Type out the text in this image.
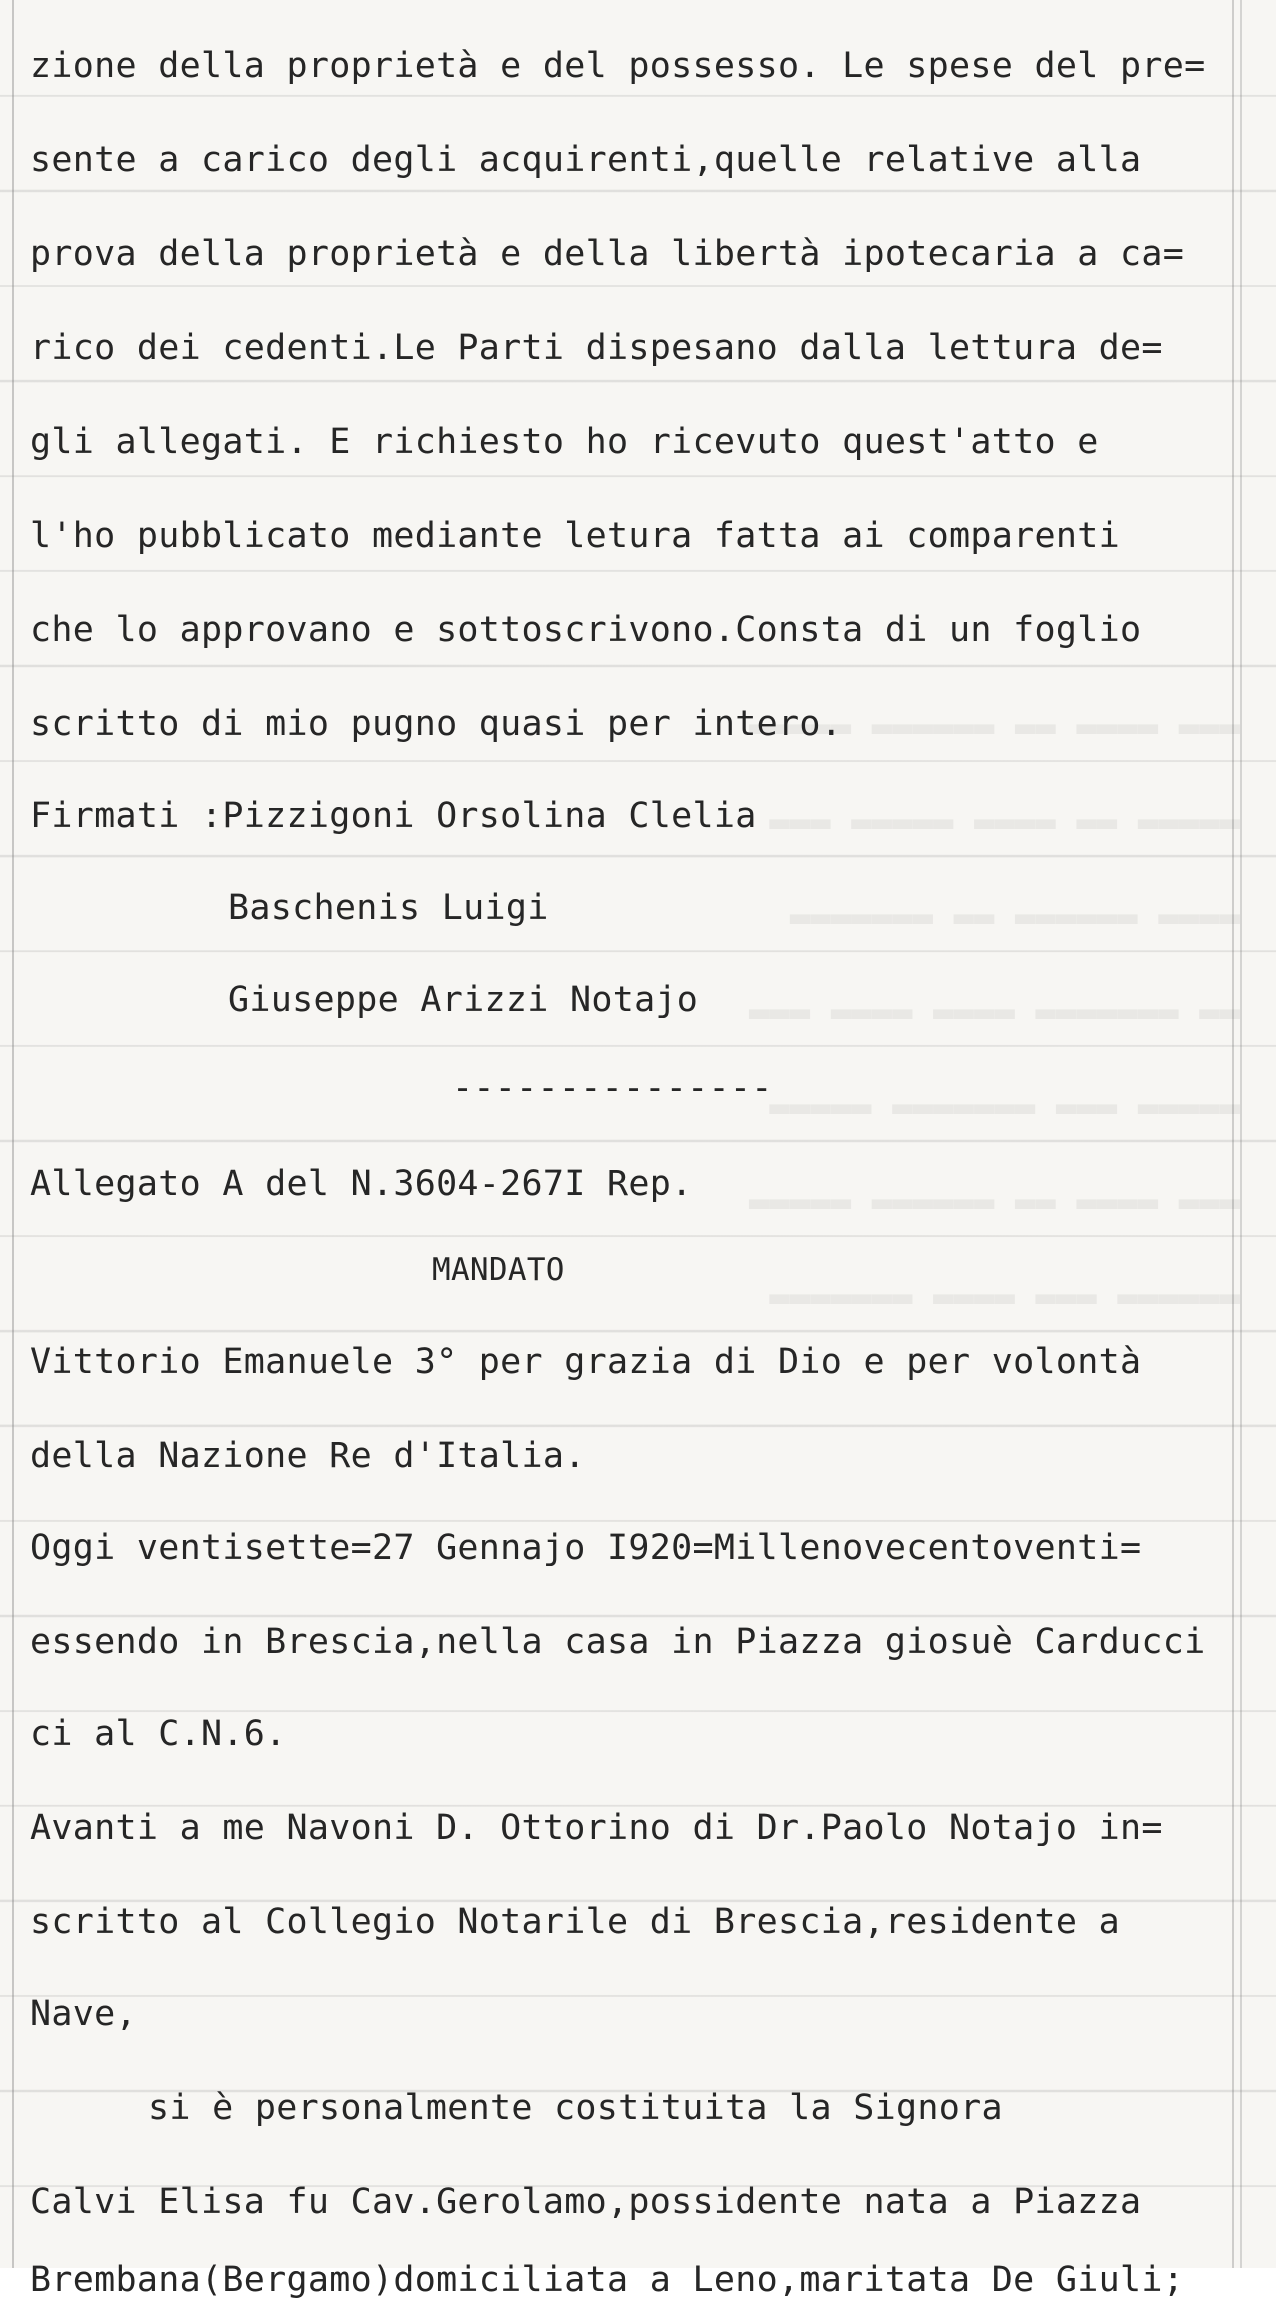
▬▬▬ ▬▬▬▬ ▬▬ ▬▬▬▬▬▬ ▬▬▬▬▬
▬▬▬▬▬ ▬▬ ▬▬▬▬ ▬▬▬▬▬ ▬▬▬
▬▬▬▬ ▬▬▬▬▬▬ ▬▬ ▬▬▬▬▬▬▬
▬▬ ▬▬▬▬▬▬▬ ▬▬▬▬ ▬▬▬▬ ▬▬▬
▬▬▬▬▬ ▬▬▬ ▬▬▬▬▬▬▬ ▬▬▬▬▬
▬▬▬ ▬▬▬▬ ▬▬ ▬▬▬▬▬▬ ▬▬▬▬▬
▬▬▬▬▬▬ ▬▬▬ ▬▬▬▬ ▬▬▬▬▬▬▬
zione della proprietà e del possesso. Le spese del pre=
sente a carico degli acquirenti,quelle relative alla
prova della proprietà e della libertà ipotecaria a ca=
rico dei cedenti.Le Parti dispesano dalla lettura de=
gli allegati. E richiesto ho ricevuto quest'atto e
l'ho pubblicato mediante letura fatta ai comparenti
che lo approvano e sottoscrivono.Consta di un foglio
scritto di mio pugno quasi per intero.
Firmati :Pizzigoni Orsolina Clelia
Baschenis Luigi
Giuseppe Arizzi Notajo
---------------
Allegato A del N.3604-267I Rep.
MANDATO
Vittorio Emanuele 3° per grazia di Dio e per volontà
della Nazione Re d'Italia.
Oggi ventisette=27 Gennajo I920=Millenovecentoventi=
essendo in Brescia,nella casa in Piazza giosuè Carducci
ci al C.N.6.
Avanti a me Navoni D. Ottorino di Dr.Paolo Notajo in=
scritto al Collegio Notarile di Brescia,residente a
Nave,
si è personalmente costituita la Signora
Calvi Elisa fu Cav.Gerolamo,possidente nata a Piazza
Brembana(Bergamo)domiciliata a Leno,maritata De Giuli;
